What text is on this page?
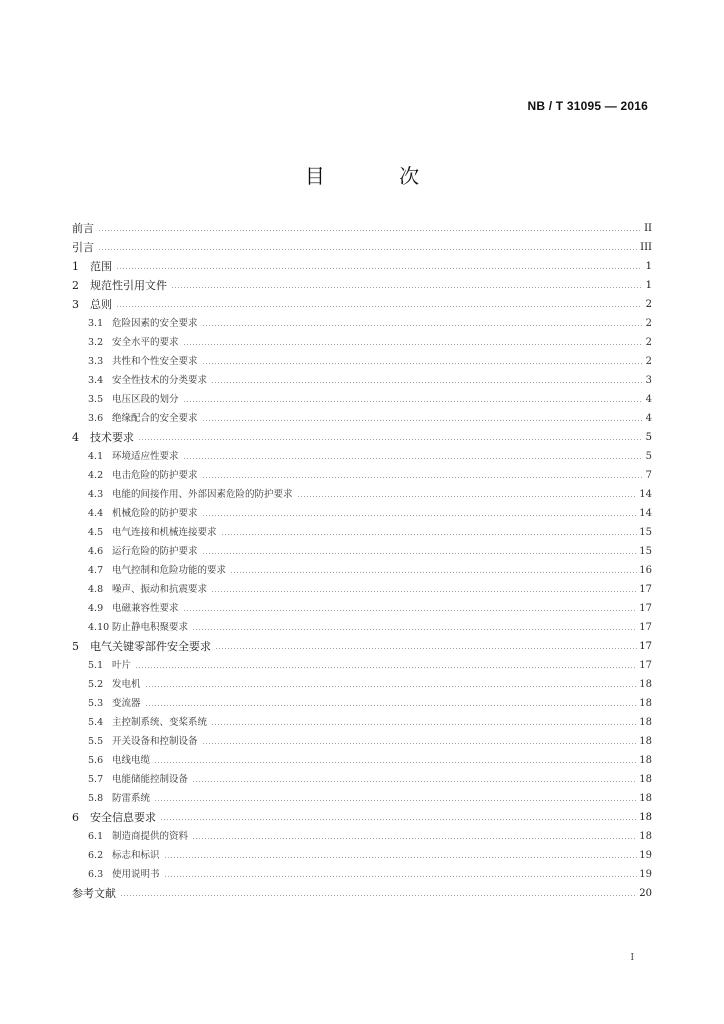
NB / T 31095 — 2016
目 次
前言	II
引言	III
1	范围	1
2	规范性引用文件	1
3	总则	2
3.1 危险因素的安全要求	2
3.2 安全水平的要求	2
3.3 共性和个性安全要求	2
3.4 安全性技术的分类要求	3
3.5 电压区段的划分	4
3.6 绝缘配合的安全要求	4
4	技术要求	5
4.1 环境适应性要求	5
4.2 电击危险的防护要求	7
4.3 电能的间接作用、外部因素危险的防护要求	14
4.4 机械危险的防护要求	14
4.5 电气连接和机械连接要求	15
4.6 运行危险的防护要求	15
4.7 电气控制和危险功能的要求	16
4.8 噪声、振动和抗震要求	17
4.9 电磁兼容性要求	17
4.10 防止静电积聚要求	17
5	电气关键零部件安全要求	17
5.1 叶片	17
5.2 发电机	18
5.3 变流器	18
5.4 主控制系统、变桨系统	18
5.5 开关设备和控制设备	18
5.6 电线电缆	18
5.7 电能储能控制设备	18
5.8 防雷系统	18
6	安全信息要求	18
6.1 制造商提供的资料	18
6.2 标志和标识	19
6.3 使用说明书	19
参考文献	20
I
